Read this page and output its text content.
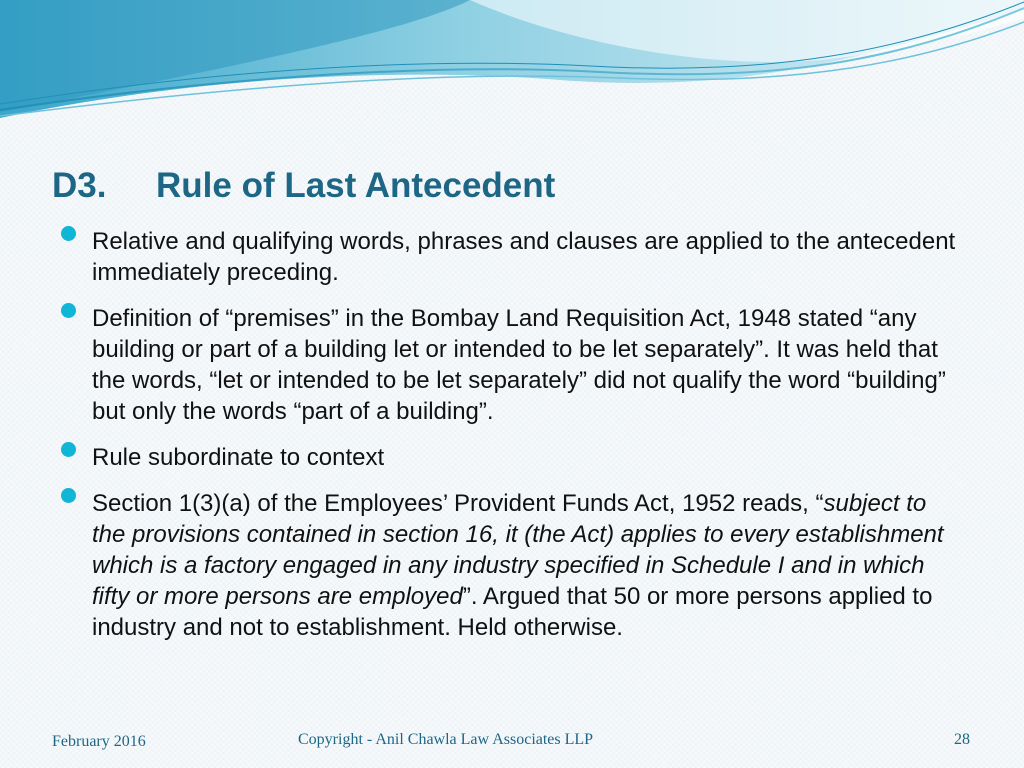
D3. Rule of Last Antecedent
Relative and qualifying words, phrases and clauses are applied to the antecedent immediately preceding.
Definition of “premises” in the Bombay Land Requisition Act, 1948 stated “any building or part of a building let or intended to be let separately”. It was held that the words, “let or intended to be let separately” did not qualify the word “building” but only the words “part of a building”.
Rule subordinate to context
Section 1(3)(a) of the Employees’ Provident Funds Act, 1952 reads, “subject to the provisions contained in section 16, it (the Act) applies to every establishment which is a factory engaged in any industry specified in Schedule I and in which fifty or more persons are employed”. Argued that 50 or more persons applied to industry and not to establishment. Held otherwise.
February 2016	Copyright - Anil Chawla Law Associates LLP	28
